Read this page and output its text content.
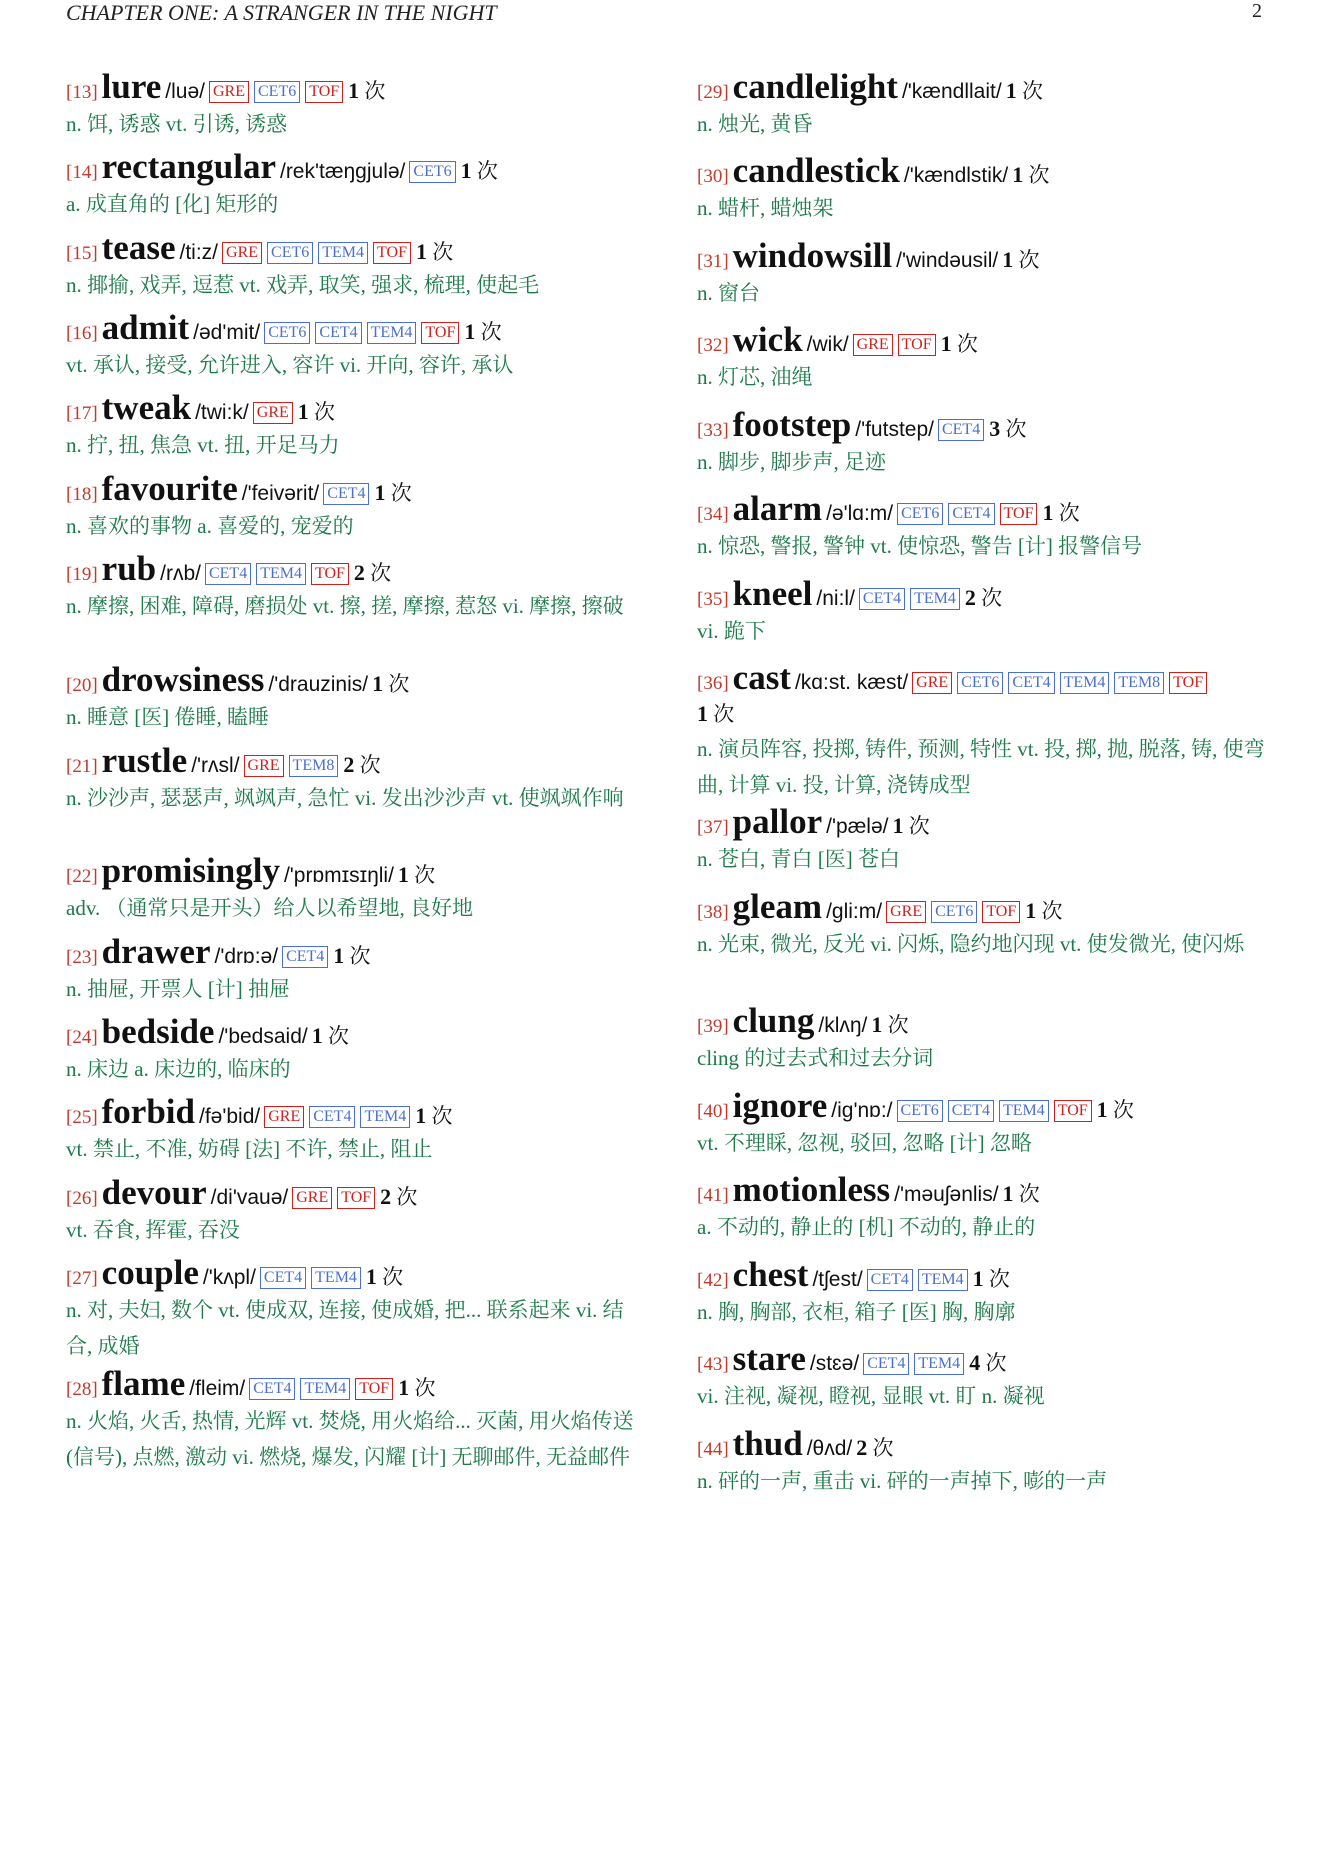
CHAPTER ONE: A STRANGER IN THE NIGHT	2
[13] lure /luə/ GRE CET6 TOF 1 次
n. 饵, 诱惑 vt. 引诱, 诱惑
[14] rectangular /rek'tæŋgjulə/ CET6 1 次
a. 成直角的 [化] 矩形的
[15] tease /ti:z/ GRE CET6 TEM4 TOF 1 次
n. 揶揄, 戏弄, 逗惹 vt. 戏弄, 取笑, 强求, 梳理, 使起毛
[16] admit /əd'mit/ CET6 CET4 TEM4 TOF 1 次
vt. 承认, 接受, 允许进入, 容许 vi. 开向, 容许, 承认
[17] tweak /twi:k/ GRE 1 次
n. 拧, 扭, 焦急 vt. 扭, 开足马力
[18] favourite /'feivərit/ CET4 1 次
n. 喜欢的事物 a. 喜爱的, 宠爱的
[19] rub /rʌb/ CET4 TEM4 TOF 2 次
n. 摩擦, 困难, 障碍, 磨损处 vt. 擦, 搓, 摩擦, 惹怒 vi. 摩擦, 擦破
[20] drowsiness /'drauzinis/ 1 次
n. 睡意 [医] 倦睡, 瞌睡
[21] rustle /'rʌsl/ GRE TEM8 2 次
n. 沙沙声, 瑟瑟声, 飒飒声, 急忙 vi. 发出沙沙声 vt. 使飒飒作响
[22] promisingly /'prɒmɪsɪŋli/ 1 次
adv. （通常只是开头）给人以希望地, 良好地
[23] drawer /'drɒ:ə/ CET4 1 次
n. 抽屉, 开票人 [计] 抽屉
[24] bedside /'bedsaid/ 1 次
n. 床边 a. 床边的, 临床的
[25] forbid /fə'bid/ GRE CET4 TEM4 1 次
vt. 禁止, 不准, 妨碍 [法] 不许, 禁止, 阻止
[26] devour /di'vauə/ GRE TOF 2 次
vt. 吞食, 挥霍, 吞没
[27] couple /'kʌpl/ CET4 TEM4 1 次
n. 对, 夫妇, 数个 vt. 使成双, 连接, 使成婚, 把... 联系起来 vi. 结合, 成婚
[28] flame /fleim/ CET4 TEM4 TOF 1 次
n. 火焰, 火舌, 热情, 光辉 vt. 焚烧, 用火焰给... 灭菌, 用火焰传送 (信号), 点燃, 激动 vi. 燃烧, 爆发, 闪耀 [计] 无聊邮件, 无益邮件
[29] candlelight /'kændllait/ 1 次
n. 烛光, 黄昏
[30] candlestick /'kændlstik/ 1 次
n. 蜡杆, 蜡烛架
[31] windowsill /'windəusil/ 1 次
n. 窗台
[32] wick /wik/ GRE TOF 1 次
n. 灯芯, 油绳
[33] footstep /'futstep/ CET4 3 次
n. 脚步, 脚步声, 足迹
[34] alarm /ə'lɑ:m/ CET6 CET4 TOF 1 次
n. 惊恐, 警报, 警钟 vt. 使惊恐, 警告 [计] 报警信号
[35] kneel /ni:l/ CET4 TEM4 2 次
vi. 跪下
[36] cast /kɑ:st. kæst/ GRE CET6 CET4 TEM4 TEM8 TOF
1 次
n. 演员阵容, 投掷, 铸件, 预测, 特性 vt. 投, 掷, 抛, 脱落, 铸, 使弯曲, 计算 vi. 投, 计算, 浇铸成型
[37] pallor /'pælə/ 1 次
n. 苍白, 青白 [医] 苍白
[38] gleam /gli:m/ GRE CET6 TOF 1 次
n. 光束, 微光, 反光 vi. 闪烁, 隐约地闪现 vt. 使发微光, 使闪烁
[39] clung /klʌŋ/ 1 次
cling 的过去式和过去分词
[40] ignore /ig'nɒ:/ CET6 CET4 TEM4 TOF 1 次
vt. 不理睬, 忽视, 驳回, 忽略 [计] 忽略
[41] motionless /'məuʃənlis/ 1 次
a. 不动的, 静止的 [机] 不动的, 静止的
[42] chest /tʃest/ CET4 TEM4 1 次
n. 胸, 胸部, 衣柜, 箱子 [医] 胸, 胸廓
[43] stare /stɛə/ CET4 TEM4 4 次
vi. 注视, 凝视, 瞪视, 显眼 vt. 盯 n. 凝视
[44] thud /θʌd/ 2 次
n. 砰的一声, 重击 vi. 砰的一声掉下, 嘭的一声
